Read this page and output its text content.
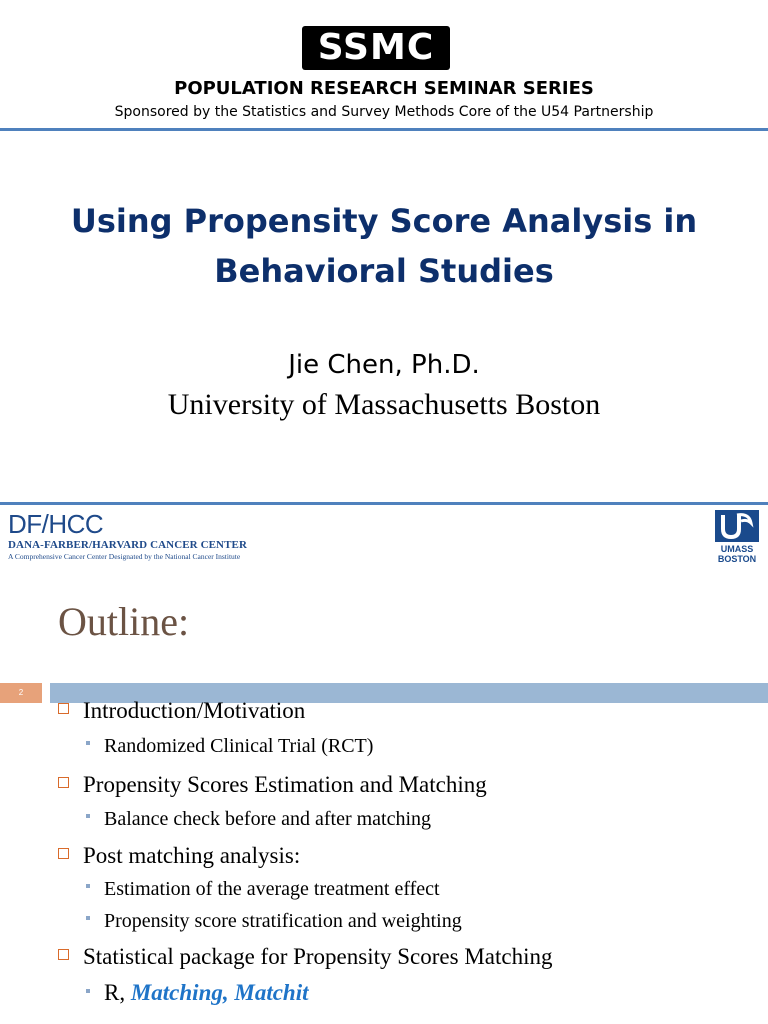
SSMC
POPULATION RESEARCH SEMINAR SERIES
Sponsored by the Statistics and Survey Methods Core of the U54 Partnership
Using Propensity Score Analysis in Behavioral Studies
Jie Chen, Ph.D.
University of Massachusetts Boston
DF/HCC
DANA-FARBER/HARVARD CANCER CENTER
A Comprehensive Cancer Center Designated by the National Cancer Institute
UMASS
BOSTON
Outline:
2
Introduction/Motivation
Randomized Clinical Trial (RCT)
Propensity Scores Estimation and Matching
Balance check before and after matching
Post matching analysis:
Estimation of the average treatment effect
Propensity score stratification and weighting
Statistical package for Propensity Scores Matching
R, Matching, Matchit
